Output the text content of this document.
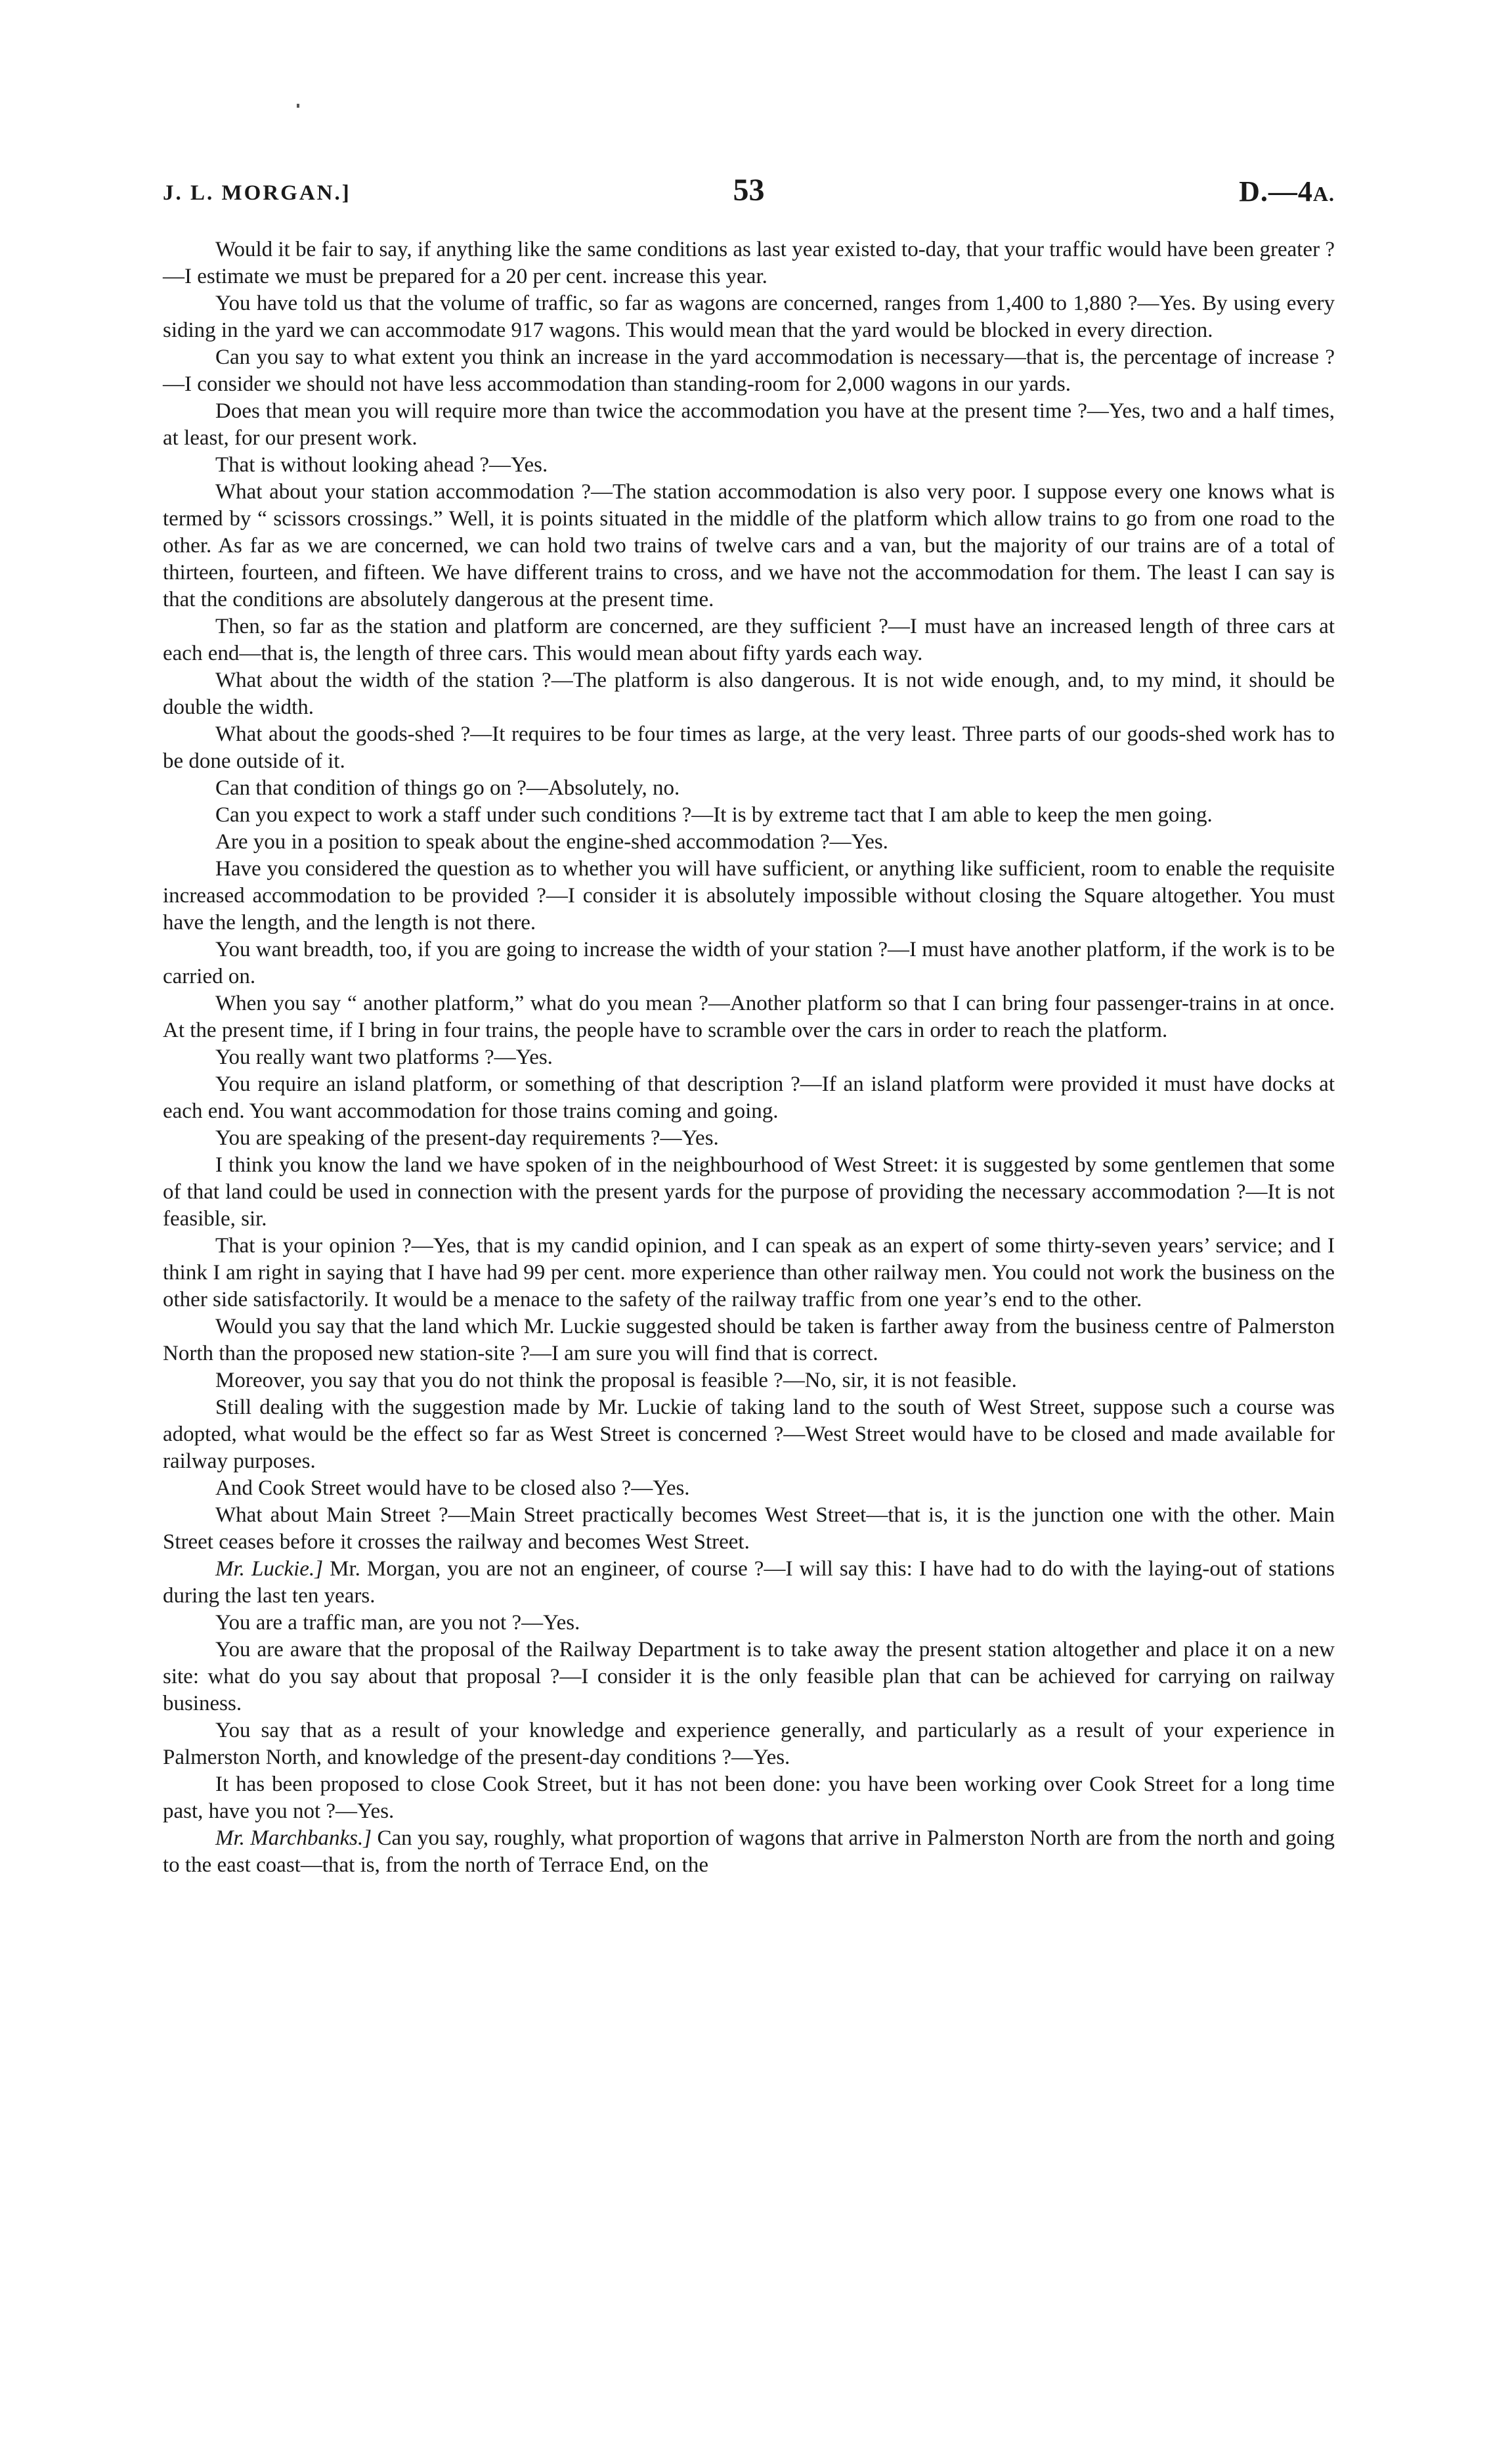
J. L. MORGAN.]	53	D.—4A.

Would it be fair to say, if anything like the same conditions as last year existed to-day, that your traffic would have been greater ?—I estimate we must be prepared for a 20 per cent. increase this year.

You have told us that the volume of traffic, so far as wagons are concerned, ranges from 1,400 to 1,880 ?—Yes. By using every siding in the yard we can accommodate 917 wagons. This would mean that the yard would be blocked in every direction.

Can you say to what extent you think an increase in the yard accommodation is necessary—that is, the percentage of increase ?—I consider we should not have less accommodation than standing-room for 2,000 wagons in our yards.

Does that mean you will require more than twice the accommodation you have at the present time ?—Yes, two and a half times, at least, for our present work.

That is without looking ahead ?—Yes.

What about your station accommodation ?—The station accommodation is also very poor. I suppose every one knows what is termed by “ scissors crossings.” Well, it is points situated in the middle of the platform which allow trains to go from one road to the other. As far as we are concerned, we can hold two trains of twelve cars and a van, but the majority of our trains are of a total of thirteen, fourteen, and fifteen. We have different trains to cross, and we have not the accommodation for them. The least I can say is that the conditions are absolutely dangerous at the present time.

Then, so far as the station and platform are concerned, are they sufficient ?—I must have an increased length of three cars at each end—that is, the length of three cars. This would mean about fifty yards each way.

What about the width of the station ?—The platform is also dangerous. It is not wide enough, and, to my mind, it should be double the width.

What about the goods-shed ?—It requires to be four times as large, at the very least. Three parts of our goods-shed work has to be done outside of it.

Can that condition of things go on ?—Absolutely, no.

Can you expect to work a staff under such conditions ?—It is by extreme tact that I am able to keep the men going.

Are you in a position to speak about the engine-shed accommodation ?—Yes.

Have you considered the question as to whether you will have sufficient, or anything like sufficient, room to enable the requisite increased accommodation to be provided ?—I consider it is absolutely impossible without closing the Square altogether. You must have the length, and the length is not there.

You want breadth, too, if you are going to increase the width of your station ?—I must have another platform, if the work is to be carried on.

When you say “ another platform,” what do you mean ?—Another platform so that I can bring four passenger-trains in at once. At the present time, if I bring in four trains, the people have to scramble over the cars in order to reach the platform.

You really want two platforms ?—Yes.

You require an island platform, or something of that description ?—If an island platform were provided it must have docks at each end. You want accommodation for those trains coming and going.

You are speaking of the present-day requirements ?—Yes.

I think you know the land we have spoken of in the neighbourhood of West Street: it is suggested by some gentlemen that some of that land could be used in connection with the present yards for the purpose of providing the necessary accommodation ?—It is not feasible, sir.

That is your opinion ?—Yes, that is my candid opinion, and I can speak as an expert of some thirty-seven years’ service; and I think I am right in saying that I have had 99 per cent. more experience than other railway men. You could not work the business on the other side satisfactorily. It would be a menace to the safety of the railway traffic from one year’s end to the other.

Would you say that the land which Mr. Luckie suggested should be taken is farther away from the business centre of Palmerston North than the proposed new station-site ?—I am sure you will find that is correct.

Moreover, you say that you do not think the proposal is feasible ?—No, sir, it is not feasible.

Still dealing with the suggestion made by Mr. Luckie of taking land to the south of West Street, suppose such a course was adopted, what would be the effect so far as West Street is concerned ?—West Street would have to be closed and made available for railway purposes.

And Cook Street would have to be closed also ?—Yes.

What about Main Street ?—Main Street practically becomes West Street—that is, it is the junction one with the other. Main Street ceases before it crosses the railway and becomes West Street.

Mr. Luckie.] Mr. Morgan, you are not an engineer, of course ?—I will say this: I have had to do with the laying-out of stations during the last ten years.

You are a traffic man, are you not ?—Yes.

You are aware that the proposal of the Railway Department is to take away the present station altogether and place it on a new site: what do you say about that proposal ?—I consider it is the only feasible plan that can be achieved for carrying on railway business.

You say that as a result of your knowledge and experience generally, and particularly as a result of your experience in Palmerston North, and knowledge of the present-day conditions ?—Yes.

It has been proposed to close Cook Street, but it has not been done: you have been working over Cook Street for a long time past, have you not ?—Yes.

Mr. Marchbanks.] Can you say, roughly, what proportion of wagons that arrive in Palmerston North are from the north and going to the east coast—that is, from the north of Terrace End, on the
